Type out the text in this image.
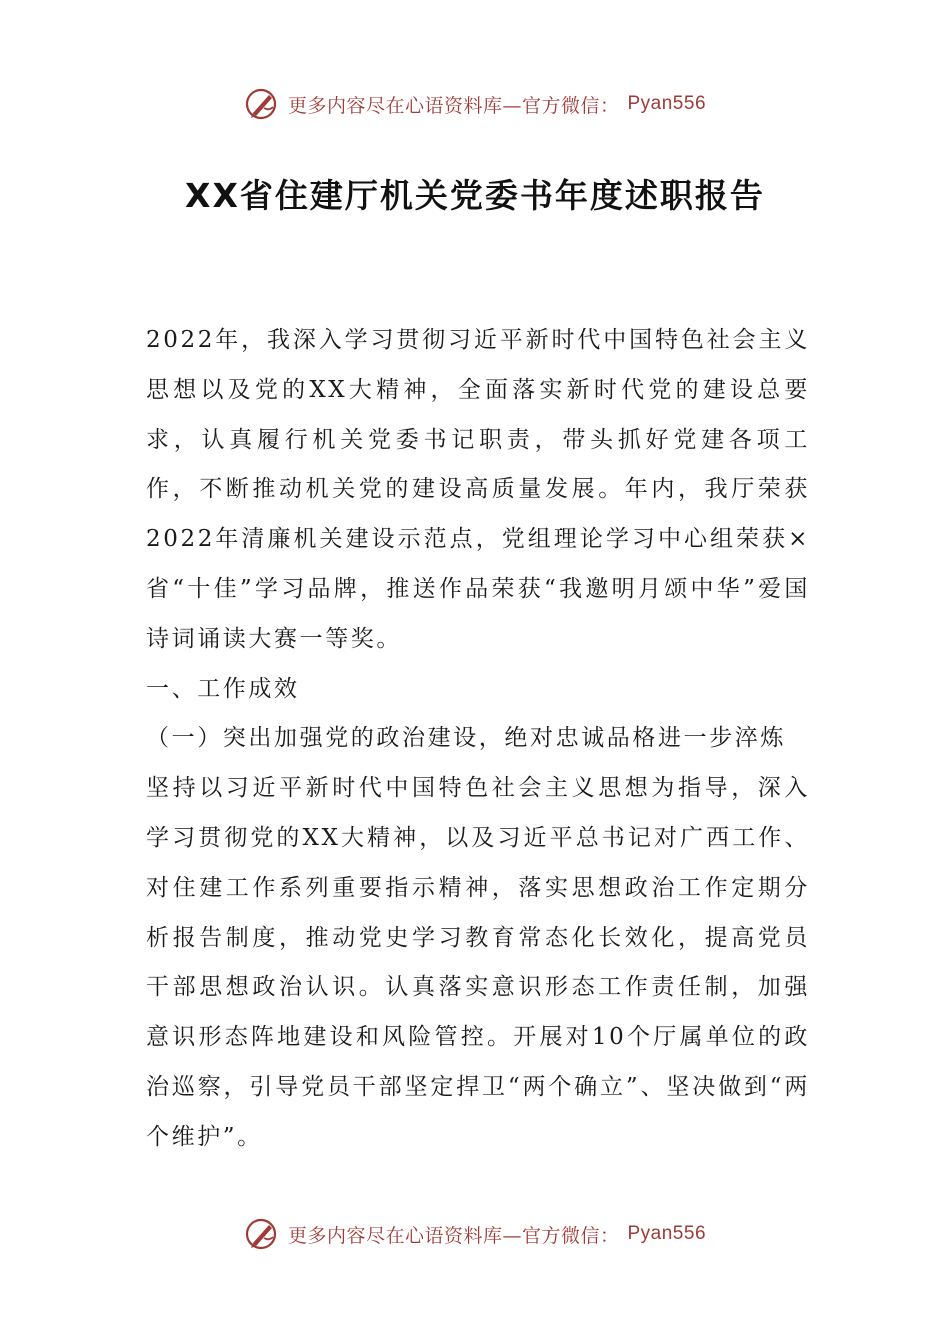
更多内容尽在心语资料库—官方微信： Pyan556
XX省住建厅机关党委书年度述职报告

2022年，我深入学习贯彻习近平新时代中国特色社会主义思想以及党的XX大精神，全面落实新时代党的建设总要求，认真履行机关党委书记职责，带头抓好党建各项工作，不断推动机关党的建设高质量发展。年内，我厅荣获2022年清廉机关建设示范点，党组理论学习中心组荣获×省“十佳”学习品牌，推送作品荣获“我邀明月颂中华”爱国诗词诵读大赛一等奖。

一、工作成效

（一）突出加强党的政治建设，绝对忠诚品格进一步淬炼

坚持以习近平新时代中国特色社会主义思想为指导，深入学习贯彻党的XX大精神，以及习近平总书记对广西工作、对住建工作系列重要指示精神，落实思想政治工作定期分析报告制度，推动党史学习教育常态化长效化，提高党员干部思想政治认识。认真落实意识形态工作责任制，加强意识形态阵地建设和风险管控。开展对10个厅属单位的政治巡察，引导党员干部坚定捍卫“两个确立”、坚决做到“两个维护”。

更多内容尽在心语资料库—官方微信： Pyan556
